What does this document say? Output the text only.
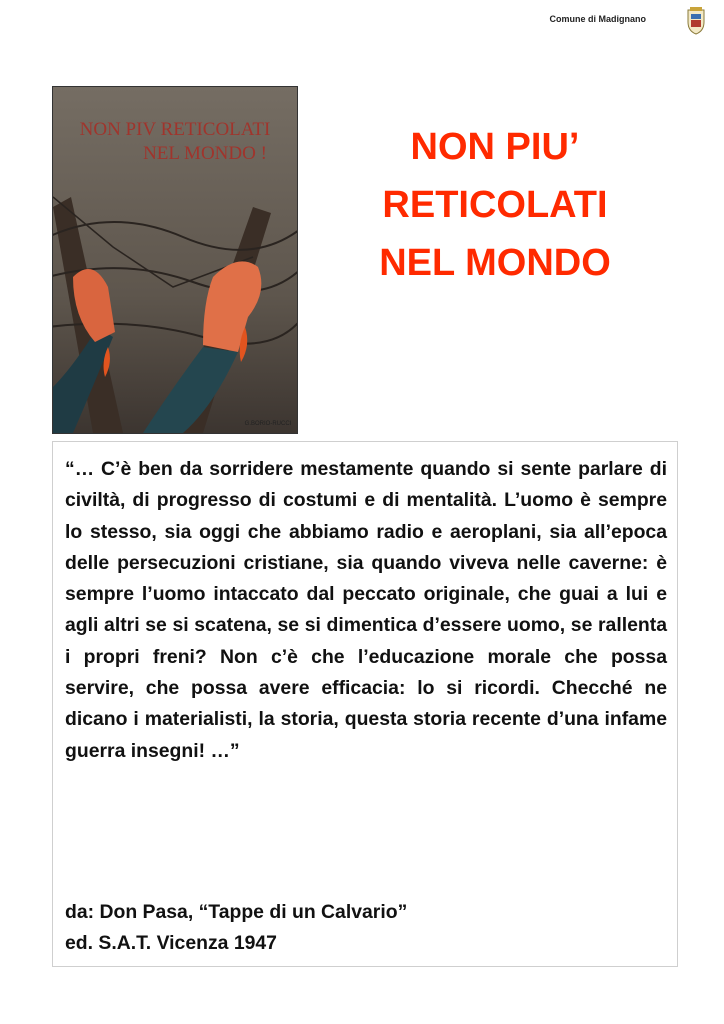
Comune di Madignano
NON PIV RETICOLATI
NEL MONDO !
G.BORIO-RUCCI
NON PIU’
RETICOLATI
NEL MONDO
“… C’è ben da sorridere mestamente quando si sente parlare di civiltà, di progresso di costumi e di mentalità. L’uomo è sempre lo stesso, sia oggi che abbiamo radio e aeroplani, sia all’epoca delle persecuzioni cristiane, sia quando viveva nelle caverne: è sempre l’uomo intaccato dal peccato originale, che guai a lui e agli altri se si scatena, se si dimentica d’essere uomo, se rallenta i propri freni? Non c’è che l’educazione morale che possa servire, che possa avere efficacia: lo si ricordi. Checché ne dicano i materialisti, la storia, questa storia recente d’una infame guerra insegni! …”
da: Don Pasa, “Tappe di un Calvario”
ed. S.A.T. Vicenza 1947
